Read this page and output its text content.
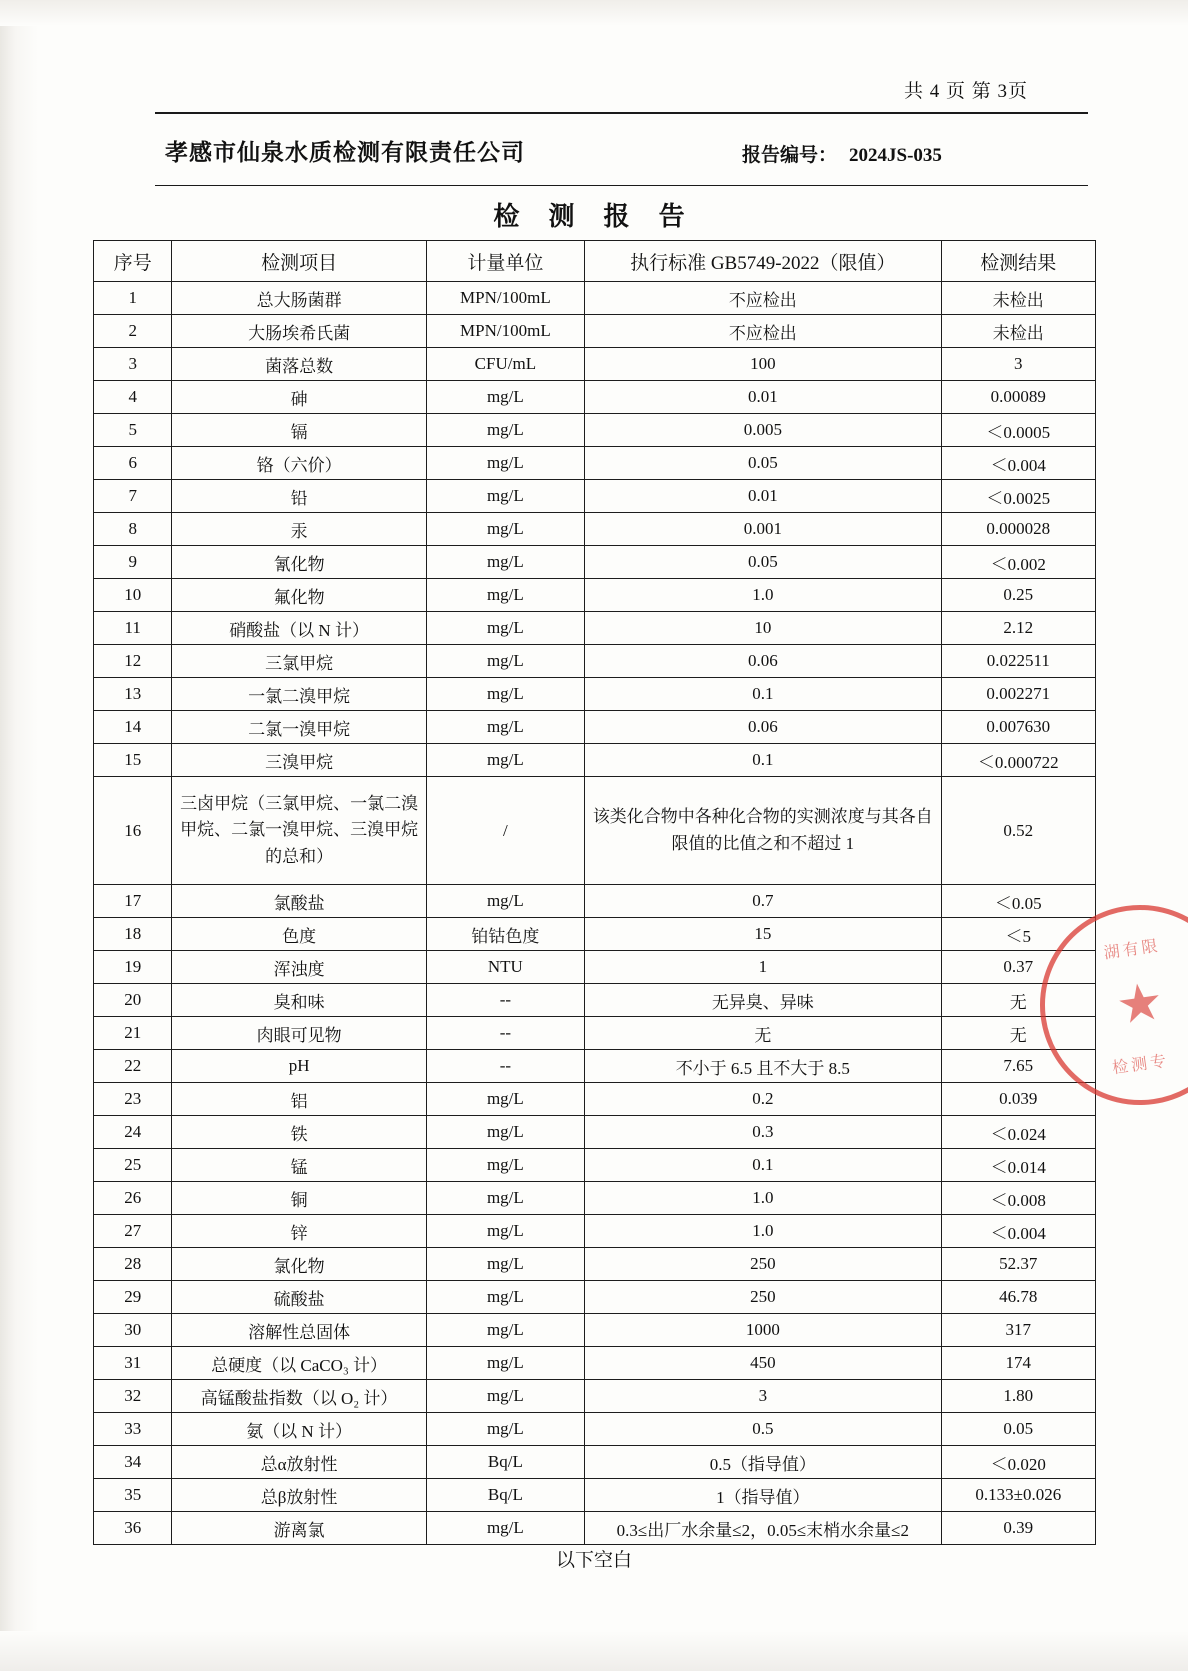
共 4 页 第 3页
孝感市仙泉水质检测有限责任公司	报告编号： 2024JS-035
检 测 报 告
序号	检测项目	计量单位	执行标准 GB5749-2022（限值）	检测结果
1	总大肠菌群	MPN/100mL	不应检出	未检出
2	大肠埃希氏菌	MPN/100mL	不应检出	未检出
3	菌落总数	CFU/mL	100	3
4	砷	mg/L	0.01	0.00089
5	镉	mg/L	0.005	＜0.0005
6	铬（六价）	mg/L	0.05	＜0.004
7	铅	mg/L	0.01	＜0.0025
8	汞	mg/L	0.001	0.000028
9	氰化物	mg/L	0.05	＜0.002
10	氟化物	mg/L	1.0	0.25
11	硝酸盐（以 N 计）	mg/L	10	2.12
12	三氯甲烷	mg/L	0.06	0.022511
13	一氯二溴甲烷	mg/L	0.1	0.002271
14	二氯一溴甲烷	mg/L	0.06	0.007630
15	三溴甲烷	mg/L	0.1	＜0.000722
16	三卤甲烷（三氯甲烷、一氯二溴甲烷、二氯一溴甲烷、三溴甲烷的总和）	/	该类化合物中各种化合物的实测浓度与其各自限值的比值之和不超过 1	0.52
17	氯酸盐	mg/L	0.7	＜0.05
18	色度	铂钴色度	15	＜5
19	浑浊度	NTU	1	0.37
20	臭和味	--	无异臭、异味	无
21	肉眼可见物	--	无	无
22	pH	--	不小于 6.5 且不大于 8.5	7.65
23	铝	mg/L	0.2	0.039
24	铁	mg/L	0.3	＜0.024
25	锰	mg/L	0.1	＜0.014
26	铜	mg/L	1.0	＜0.008
27	锌	mg/L	1.0	＜0.004
28	氯化物	mg/L	250	52.37
29	硫酸盐	mg/L	250	46.78
30	溶解性总固体	mg/L	1000	317
31	总硬度（以 CaCO₃ 计）	mg/L	450	174
32	高锰酸盐指数（以 O₂ 计）	mg/L	3	1.80
33	氨（以 N 计）	mg/L	0.5	0.05
34	总α放射性	Bq/L	0.5（指导值）	＜0.020
35	总β放射性	Bq/L	1（指导值）	0.133±0.026
36	游离氯	mg/L	0.3≤出厂水余量≤2，0.05≤末梢水余量≤2	0.39
以下空白
湖有限
★
检测专
